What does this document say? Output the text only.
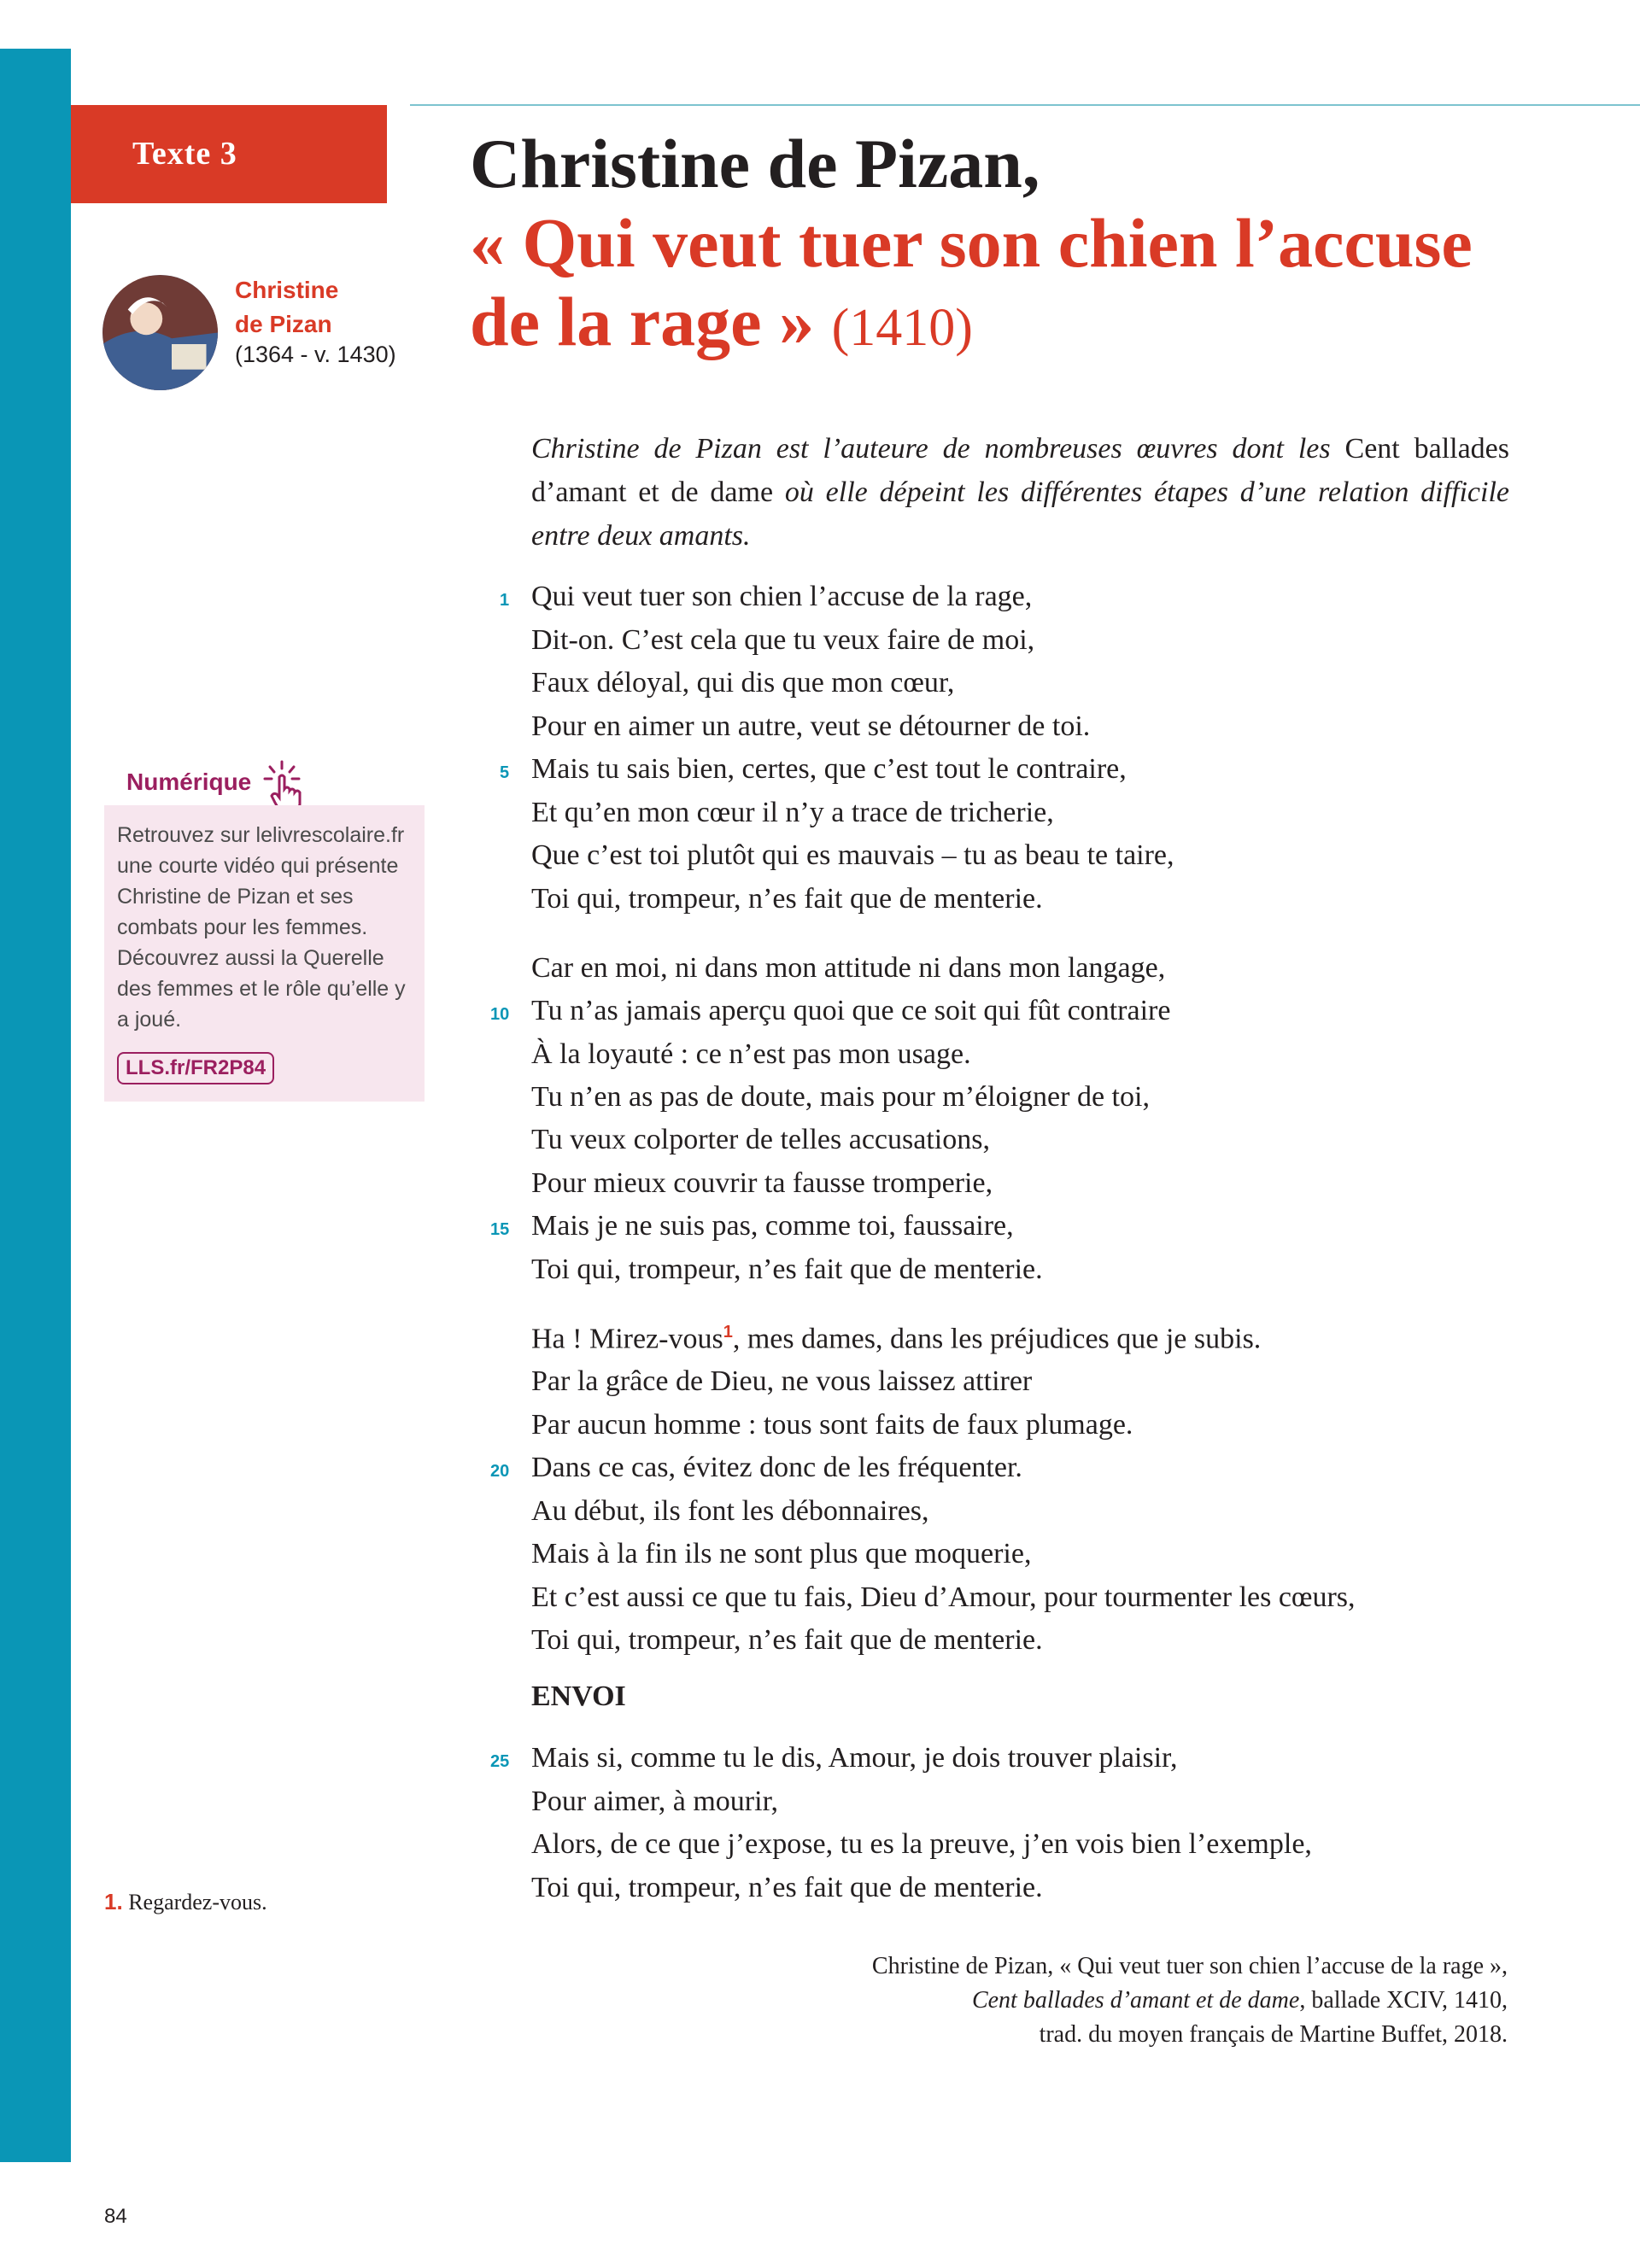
Texte 3
Christine
de Pizan
(1364 - v. 1430)
Christine de Pizan,
« Qui veut tuer son chien l’accuse
de la rage » (1410)
Christine de Pizan est l’auteure de nombreuses œuvres dont les Cent ballades d’amant et de dame où elle dépeint les différentes étapes d’une relation difficile entre deux amants.
Qui veut tuer son chien l’accuse de la rage,
1
Dit-on. C’est cela que tu veux faire de moi,
Faux déloyal, qui dis que mon cœur,
Pour en aimer un autre, veut se détourner de toi.
Mais tu sais bien, certes, que c’est tout le contraire,
5
Et qu’en mon cœur il n’y a trace de tricherie,
Que c’est toi plutôt qui es mauvais – tu as beau te taire,
Toi qui, trompeur, n’es fait que de menterie.
Car en moi, ni dans mon attitude ni dans mon langage,
Tu n’as jamais aperçu quoi que ce soit qui fût contraire
10
À la loyauté : ce n’est pas mon usage.
Tu n’en as pas de doute, mais pour m’éloigner de toi,
Tu veux colporter de telles accusations,
Pour mieux couvrir ta fausse tromperie,
Mais je ne suis pas, comme toi, faussaire,
15
Toi qui, trompeur, n’es fait que de menterie.
Ha ! Mirez-vous$^1$, mes dames, dans les préjudices que je subis.
Par la grâce de Dieu, ne vous laissez attirer
Par aucun homme : tous sont faits de faux plumage.
Dans ce cas, évitez donc de les fréquenter.
20
Au début, ils font les débonnaires,
Mais à la fin ils ne sont plus que moquerie,
Et c’est aussi ce que tu fais, Dieu d’Amour, pour tourmenter les cœurs,
Toi qui, trompeur, n’es fait que de menterie.
Mais si, comme tu le dis, Amour, je dois trouver plaisir,
25
Pour aimer, à mourir,
Alors, de ce que j’expose, tu es la preuve, j’en vois bien l’exemple,
Toi qui, trompeur, n’es fait que de menterie.
ENVOI
Numérique
Retrouvez sur lelivrescolaire.fr une courte vidéo qui présente Christine de Pizan et ses combats pour les femmes. Découvrez aussi la Querelle des femmes et le rôle qu’elle y a joué.
LLS.fr/FR2P84
1. Regardez-vous.
Christine de Pizan, « Qui veut tuer son chien l’accuse de la rage »,
Cent ballades d’amant et de dame, ballade XCIV, 1410,
trad. du moyen français de Martine Buffet, 2018.
84
